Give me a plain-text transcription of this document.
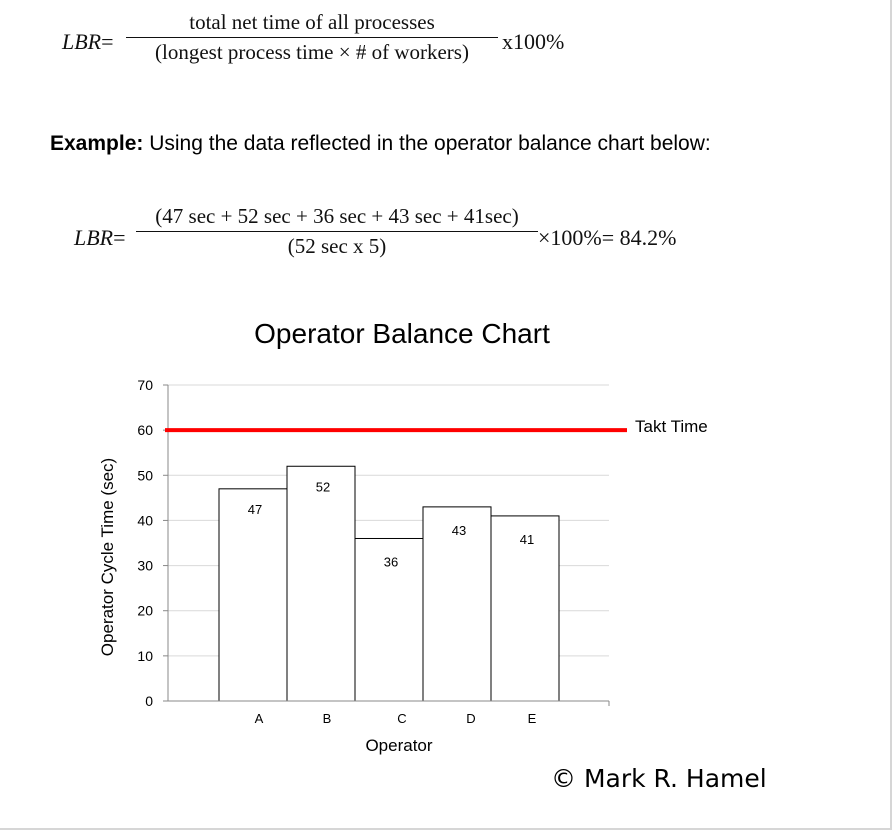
LBR=
total net time of all processes
(longest process time × # of workers)	x100%
Example: Using the data reflected in the operator balance chart below:
LBR=
(47 sec + 52 sec + 36 sec + 43 sec + 41sec)
(52 sec x 5)	×100%= 84.2%
Operator Balance Chart
0
10
20
30
40
50
60
70
47
52
36
43
41
A	B	C	D	E
Takt Time
Operator
Operator Cycle Time (sec)
© Mark R. Hamel
